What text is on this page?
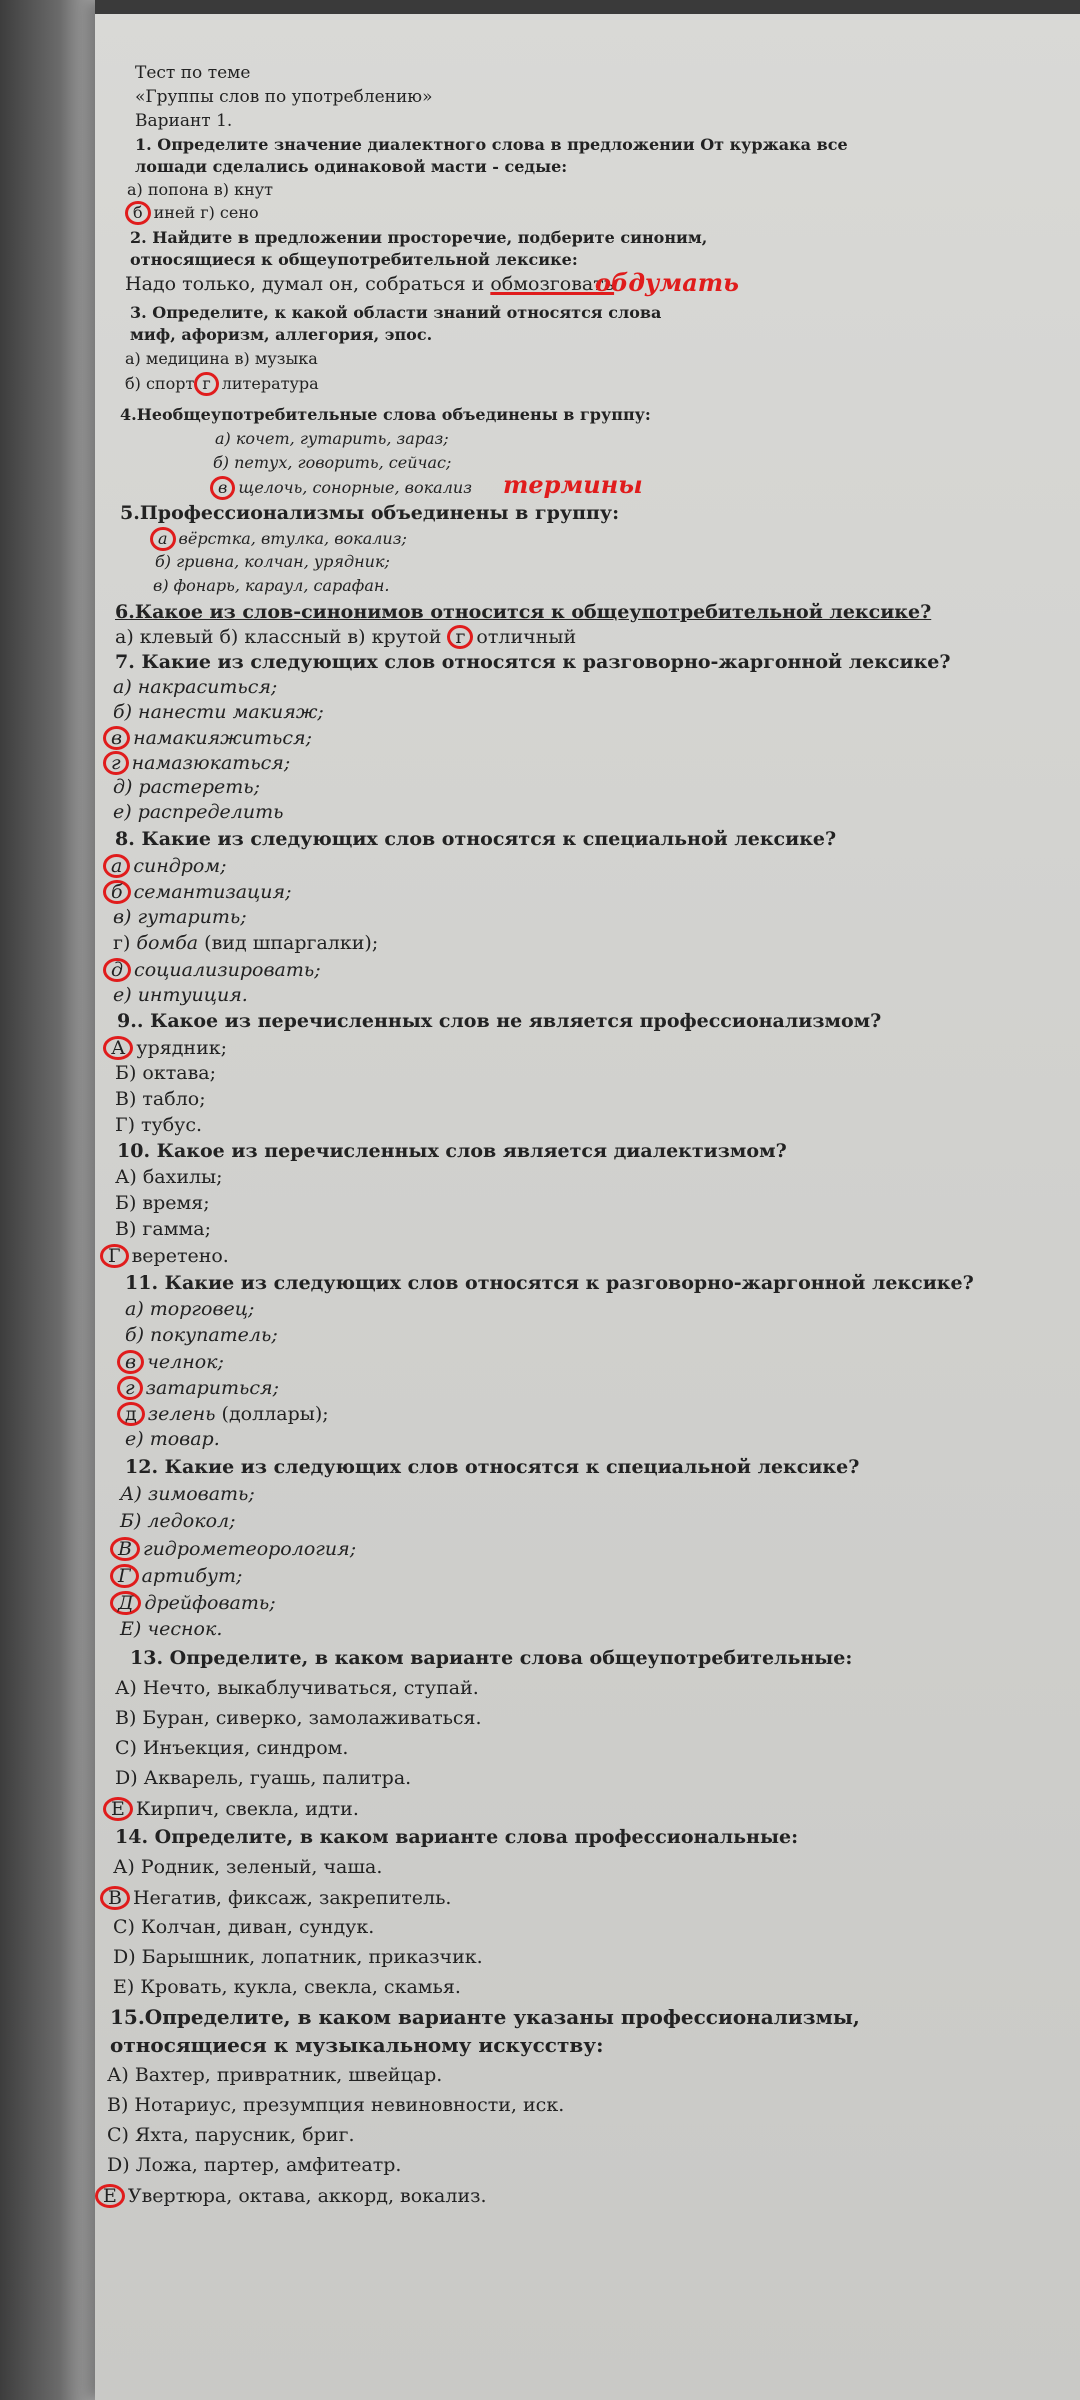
Тест по теме
«Группы слов по употреблению»
Вариант 1.
1. Определите значение диалектного слова в предложении От куржака все
лошади сделались одинаковой масти - седые:
а) попона в) кнут
б иней г) сено
2. Найдите в предложении просторечие, подберите синоним,
относящиеся к общеупотребительной лексике:
Надо только, думал он, собраться и обмозговать
обдумать
3. Определите, к какой области знаний относятся слова
миф, афоризм, аллегория, эпос.
а) медицина в) музыка
б) спорт г литература
4.Необщеупотребительные слова объединены в группу:
а) кочет, гутарить, зараз;
б) петух, говорить, сейчас;
в щелочь, сонорные, вокализ термины
5.Профессионализмы объединены в группу:
а вёрстка, втулка, вокализ;
б) гривна, колчан, урядник;
в) фонарь, караул, сарафан.
6.Какое из слов-синонимов относится к общеупотребительной лексике?
а) клевый б) классный в) крутой г отличный
7. Какие из следующих слов относятся к разговорно-жаргонной лексике?
а) накраситься;
б) нанести макияж;
в намакияжиться;
г намазюкаться;
д) растереть;
е) распределить
8. Какие из следующих слов относятся к специальной лексике?
а синдром;
б семантизация;
в) гутарить;
г) бомба (вид шпаргалки);
д социализировать;
е) интуиция.
9.. Какое из перечисленных слов не является профессионализмом?
А урядник;
Б) октава;
В) табло;
Г) тубус.
10. Какое из перечисленных слов является диалектизмом?
А) бахилы;
Б) время;
В) гамма;
Г веретено.
11. Какие из следующих слов относятся к разговорно-жаргонной лексике?
а) торговец;
б) покупатель;
в челнок;
г затариться;
д зелень (доллары);
е) товар.
12. Какие из следующих слов относятся к специальной лексике?
А) зимовать;
Б) ледокол;
В гидрометеорология;
Г артибут;
Д дрейфовать;
Е) чеснок.
13. Определите, в каком варианте слова общеупотребительные:
А) Нечто, выкаблучиваться, ступай.
В) Буран, сиверко, замолаживаться.
С) Инъекция, синдром.
D) Акварель, гуашь, палитра.
Е Кирпич, свекла, идти.
14. Определите, в каком варианте слова профессиональные:
А) Родник, зеленый, чаша.
В Негатив, фиксаж, закрепитель.
С) Колчан, диван, сундук.
D) Барышник, лопатник, приказчик.
Е) Кровать, кукла, свекла, скамья.
15.Определите, в каком варианте указаны профессионализмы,
относящиеся к музыкальному искусству:
А) Вахтер, привратник, швейцар.
В) Нотариус, презумпция невиновности, иск.
С) Яхта, парусник, бриг.
D) Ложа, партер, амфитеатр.
Е Увертюра, октава, аккорд, вокализ.
